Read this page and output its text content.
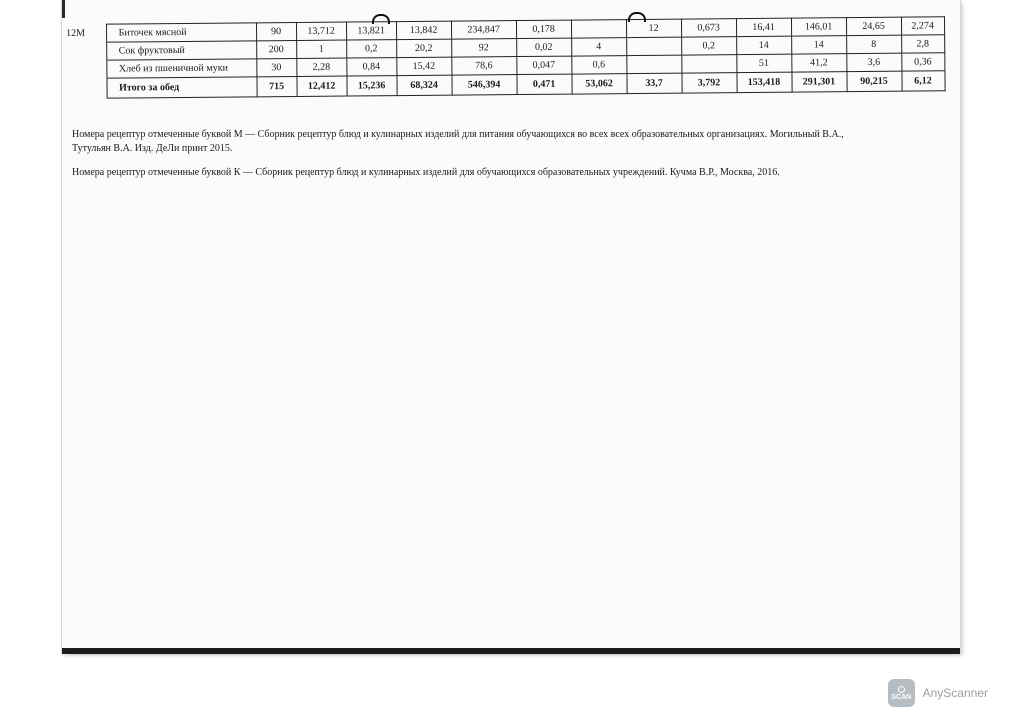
12М	Биточек мясной	90	13,712	13,821	13,842	234,847	0,178		12	0,673	16,41	146,01	24,65	2,274
	Сок фруктовый	200	1	0,2	20,2	92	0,02	4		0,2	14	14	8	2,8
	Хлеб из пшеничной муки	30	2,28	0,84	15,42	78,6	0,047	0,6			51	41,2	3,6	0,36
	Итого за обед	715	12,412	15,236	68,324	546,394	0,471	53,062	33,7	3,792	153,418	291,301	90,215	6,12
Номера рецептур отмеченные буквой М — Сборник рецептур блюд и кулинарных изделий для питания обучающихся во всех всех образовательных организациях. Могильный В.А.,
Тутульян В.А. Изд. ДеЛи принт 2015.
Номера рецептур отмеченные буквой К — Сборник рецептур блюд и кулинарных изделий для обучающихся образовательных учреждений. Кучма В.Р., Москва, 2016.
SCAN AnyScanner
